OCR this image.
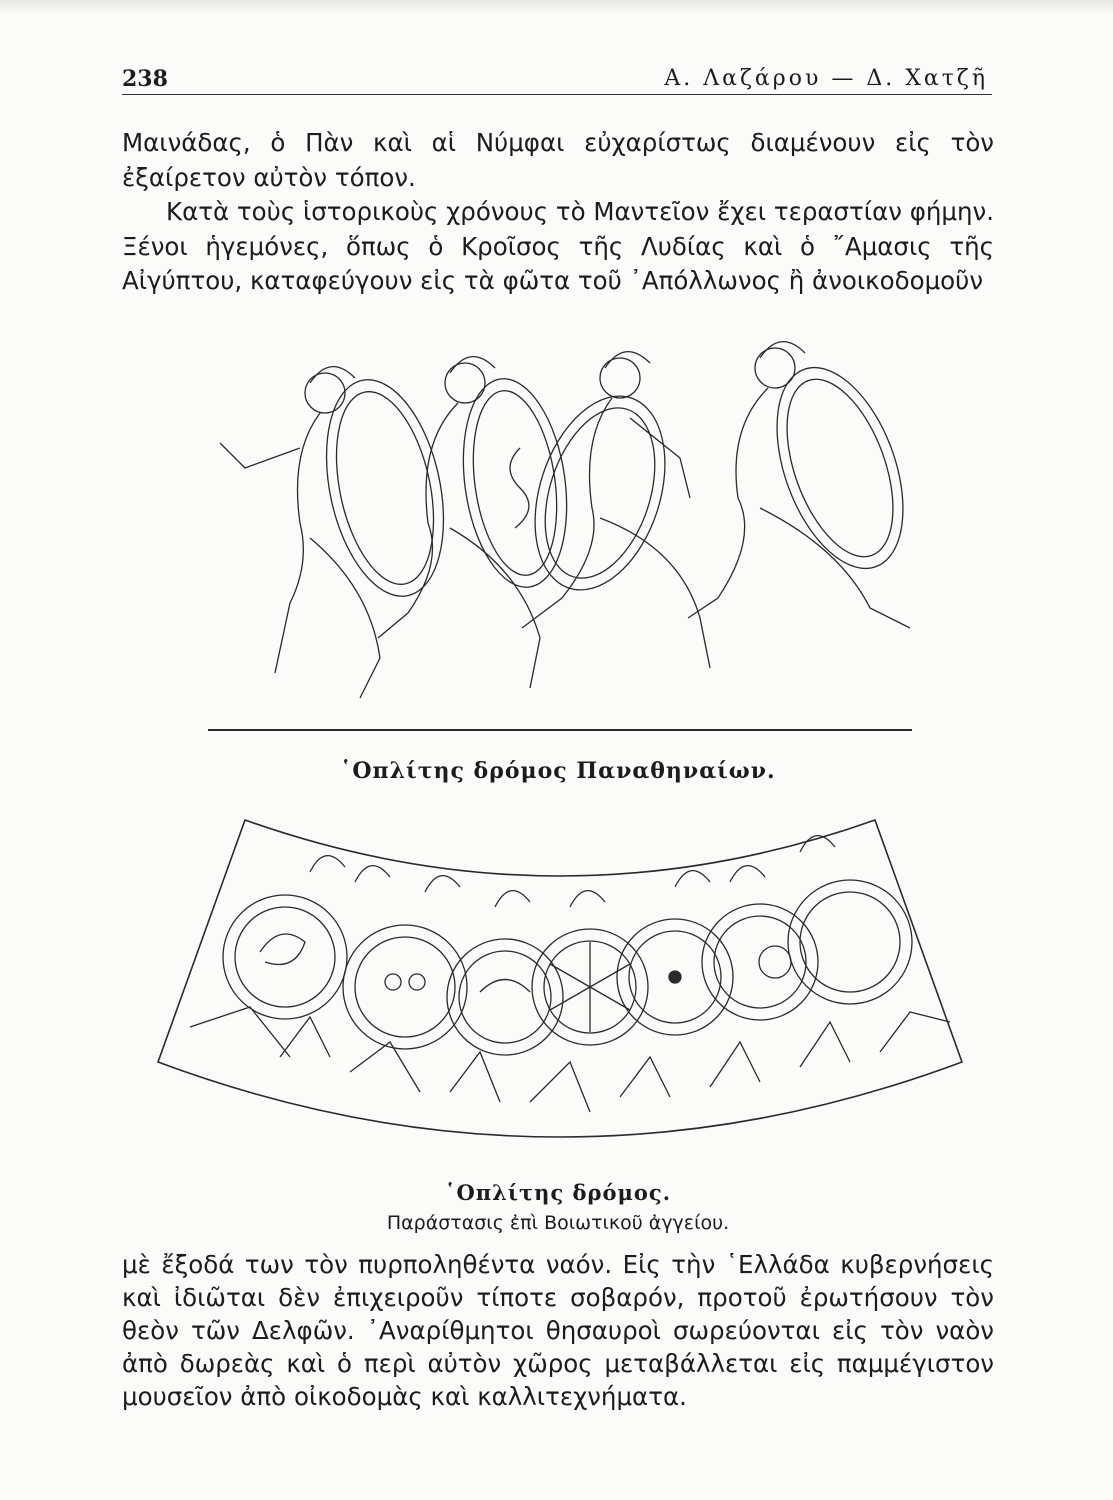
238	Α. Λαζάρου — Δ. Χατζῆ

Μαινάδας, ὁ Πὰν καὶ αἱ Νύμφαι εὐχαρίστως διαμένουν εἰς τὸν ἐξαίρετον αὐτὸν τόπον.

Κατὰ τοὺς ἱστορικοὺς χρόνους τὸ Μαντεῖον ἔχει τεραστίαν φήμην. Ξένοι ἡγεμόνες, ὅπως ὁ Κροῖσος τῆς Λυδίας καὶ ὁ ῎Αμασις τῆς Αἰγύπτου, καταφεύγουν εἰς τὰ φῶτα τοῦ ᾿Απόλλωνος ἢ ἀνοικοδομοῦν

῾Οπλίτης δρόμος Παναθηναίων.
῾Οπλίτης δρόμος.
Παράστασις ἐπὶ Βοιωτικοῦ ἀγγείου.

μὲ ἔξοδά των τὸν πυρποληθέντα ναόν. Εἰς τὴν ῾Ελλάδα κυβερνήσεις καὶ ἰδιῶται δὲν ἐπιχειροῦν τίποτε σοβαρόν, προτοῦ ἐρωτήσουν τὸν θεὸν τῶν Δελφῶν. ᾿Αναρίθμητοι θησαυροὶ σωρεύονται εἰς τὸν ναὸν ἀπὸ δωρεὰς καὶ ὁ περὶ αὐτὸν χῶρος μεταβάλλεται εἰς παμμέγιστον μουσεῖον ἀπὸ οἰκοδομὰς καὶ καλλιτεχνήματα.
